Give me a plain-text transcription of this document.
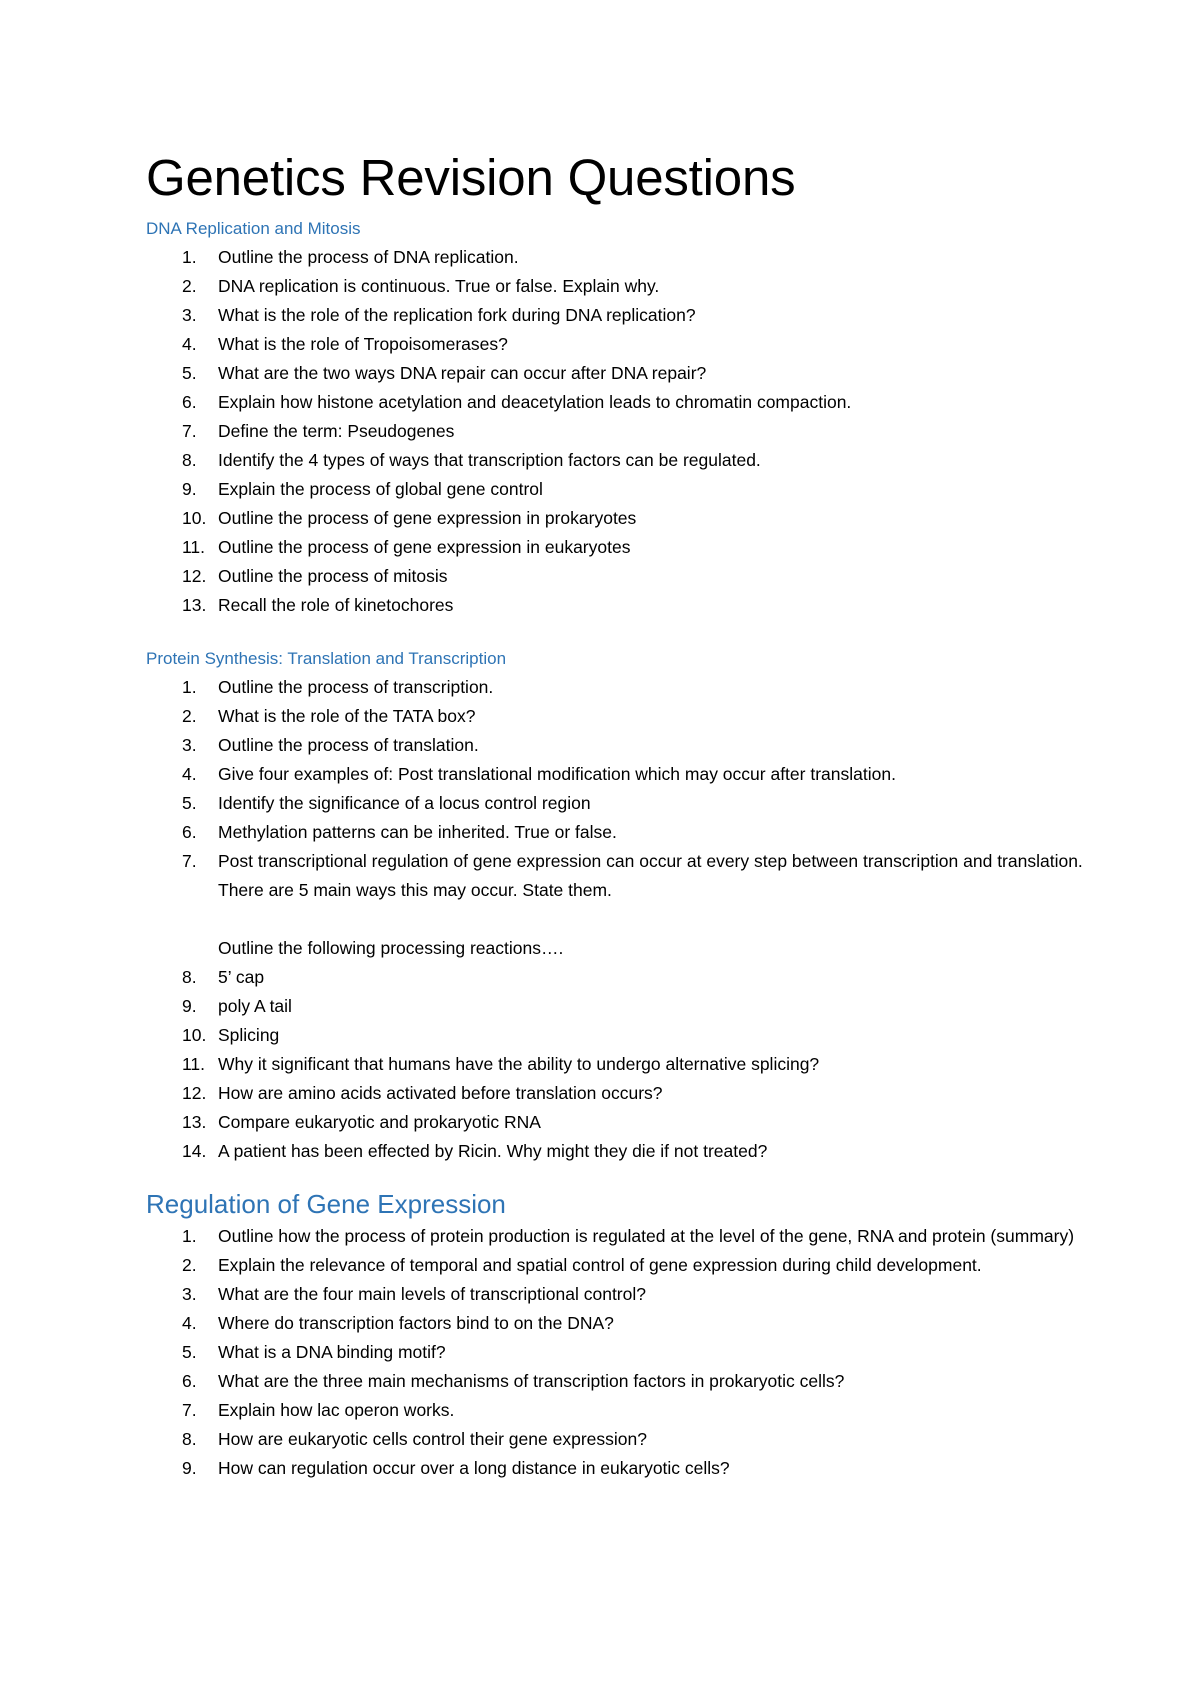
Genetics Revision Questions
DNA Replication and Mitosis
1.	Outline the process of DNA replication.
2.	DNA replication is continuous. True or false. Explain why.
3.	What is the role of the replication fork during DNA replication?
4.	What is the role of Tropoisomerases?
5.	What are the two ways DNA repair can occur after DNA repair?
6.	Explain how histone acetylation and deacetylation leads to chromatin compaction.
7.	Define the term: Pseudogenes
8.	Identify the 4 types of ways that transcription factors can be regulated.
9.	Explain the process of global gene control
10. Outline the process of gene expression in prokaryotes
11. Outline the process of gene expression in eukaryotes
12. Outline the process of mitosis
13. Recall the role of kinetochores
Protein Synthesis: Translation and Transcription
1.	Outline the process of transcription.
2.	What is the role of the TATA box?
3.	Outline the process of translation.
4.	Give four examples of: Post translational modification which may occur after translation.
5.	Identify the significance of a locus control region
6.	Methylation patterns can be inherited. True or false.
7.	Post transcriptional regulation of gene expression can occur at every step between transcription and translation. There are 5 main ways this may occur. State them.
Outline the following processing reactions….
8.	5’ cap
9.	poly A tail
10. Splicing
11. Why it significant that humans have the ability to undergo alternative splicing?
12. How are amino acids activated before translation occurs?
13. Compare eukaryotic and prokaryotic RNA
14. A patient has been effected by Ricin. Why might they die if not treated?
Regulation of Gene Expression
1.	Outline how the process of protein production is regulated at the level of the gene, RNA and protein (summary)
2.	Explain the relevance of temporal and spatial control of gene expression during child development.
3.	What are the four main levels of transcriptional control?
4.	Where do transcription factors bind to on the DNA?
5.	What is a DNA binding motif?
6.	What are the three main mechanisms of transcription factors in prokaryotic cells?
7.	Explain how lac operon works.
8.	How are eukaryotic cells control their gene expression?
9.	How can regulation occur over a long distance in eukaryotic cells?
